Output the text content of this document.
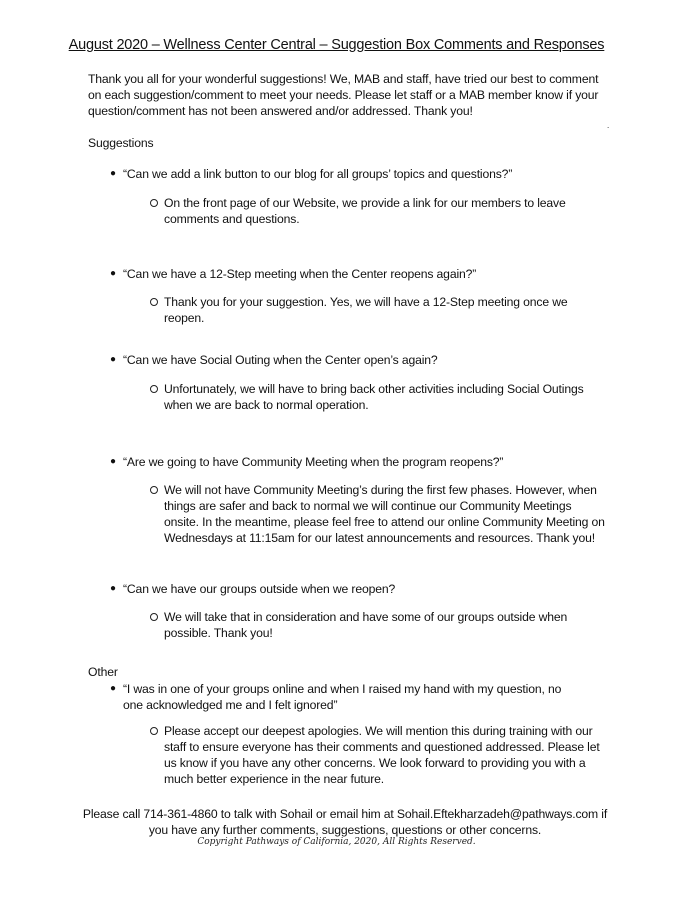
August 2020 – Wellness Center Central – Suggestion Box Comments and Responses
Thank you all for your wonderful suggestions! We, MAB and staff, have tried our best to comment on each suggestion/comment to meet your needs. Please let staff or a MAB member know if your question/comment has not been answered and/or addressed. Thank you!
.
Suggestions
● “Can we add a link button to our blog for all groups’ topics and questions?”
On the front page of our Website, we provide a link for our members to leave comments and questions.
● “Can we have a 12-Step meeting when the Center reopens again?”
Thank you for your suggestion. Yes, we will have a 12-Step meeting once we reopen.
● “Can we have Social Outing when the Center open’s again?
Unfortunately, we will have to bring back other activities including Social Outings when we are back to normal operation.
● “Are we going to have Community Meeting when the program reopens?”
We will not have Community Meeting’s during the first few phases. However, when things are safer and back to normal we will continue our Community Meetings onsite. In the meantime, please feel free to attend our online Community Meeting on Wednesdays at 11:15am for our latest announcements and resources. Thank you!
● “Can we have our groups outside when we reopen?
We will take that in consideration and have some of our groups outside when possible. Thank you!
Other
● “I was in one of your groups online and when I raised my hand with my question, no one acknowledged me and I felt ignored”
Please accept our deepest apologies. We will mention this during training with our staff to ensure everyone has their comments and questioned addressed. Please let us know if you have any other concerns. We look forward to providing you with a much better experience in the near future.
Please call 714-361-4860 to talk with Sohail or email him at Sohail.Eftekharzadeh@pathways.com if you have any further comments, suggestions, questions or other concerns.
Copyright Pathways of California, 2020, All Rights Reserved.
